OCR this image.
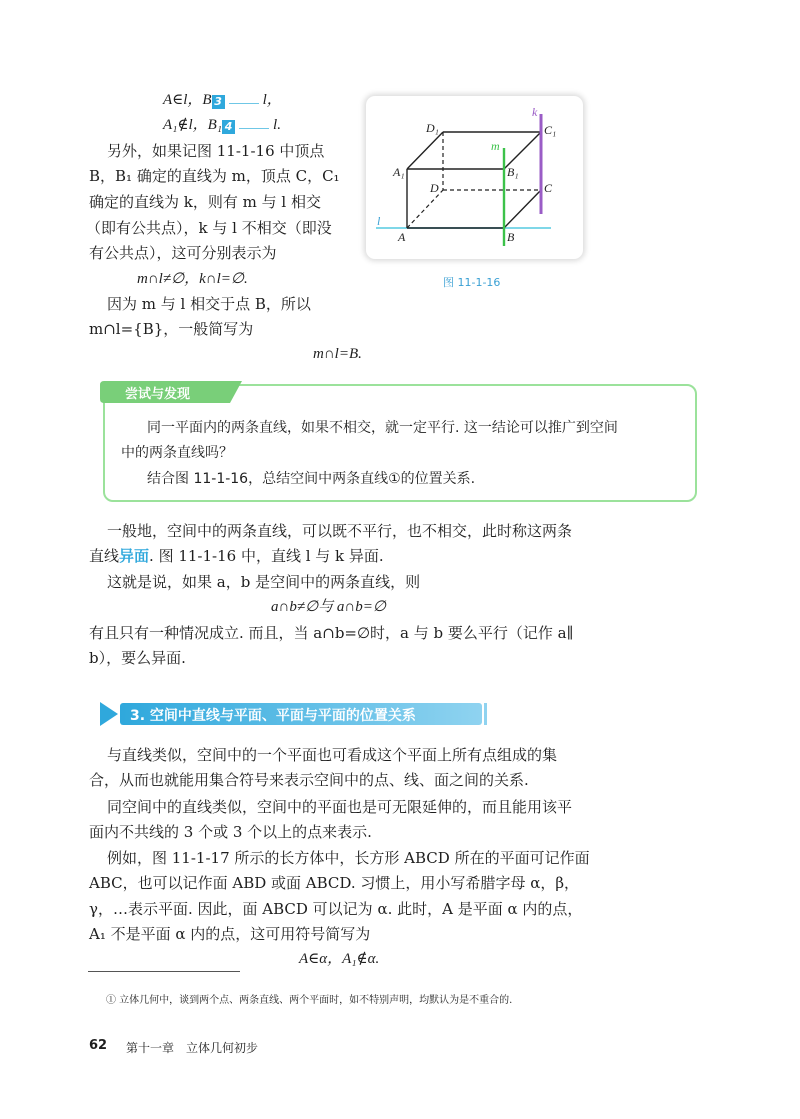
A∈l，B 3	l，
A₁∉l，B₁ 4	l.
另外，如果记图 11-1-16 中顶点
B，B₁ 确定的直线为 m，顶点 C，C₁
确定的直线为 k，则有 m 与 l 相交
（即有公共点），k 与 l 不相交（即没
有公共点），这可分别表示为
m∩l≠∅，k∩l=∅.
因为 m 与 l 相交于点 B，所以
m∩l={B}，一般简写为
m∩l=B.
D₁	C₁
A₁	B₁
D	C
A	B
k
m
l
图 11-1-16
尝试与发现
同一平面内的两条直线，如果不相交，就一定平行. 这一结论可以推广到空间
中的两条直线吗？
结合图 11-1-16，总结空间中两条直线①的位置关系.
一般地，空间中的两条直线，可以既不平行，也不相交，此时称这两条
直线异面. 图 11-1-16 中，直线 l 与 k 异面.
这就是说，如果 a，b 是空间中的两条直线，则
a∩b≠∅与 a∩b=∅
有且只有一种情况成立. 而且，当 a∩b=∅时，a 与 b 要么平行（记作 a∥
b），要么异面.
3. 空间中直线与平面、平面与平面的位置关系
与直线类似，空间中的一个平面也可看成这个平面上所有点组成的集
合，从而也就能用集合符号来表示空间中的点、线、面之间的关系.
同空间中的直线类似，空间中的平面也是可无限延伸的，而且能用该平
面内不共线的 3 个或 3 个以上的点来表示.
例如，图 11-1-17 所示的长方体中，长方形 ABCD 所在的平面可记作面
ABC，也可以记作面 ABD 或面 ABCD. 习惯上，用小写希腊字母 α，β，
γ，…表示平面. 因此，面 ABCD 可以记为 α. 此时，A 是平面 α 内的点，
A₁ 不是平面 α 内的点，这可用符号简写为
A∈α，A₁∉α.
① 立体几何中，谈到两个点、两条直线、两个平面时，如不特别声明，均默认为是不重合的.
62 第十一章　立体几何初步
